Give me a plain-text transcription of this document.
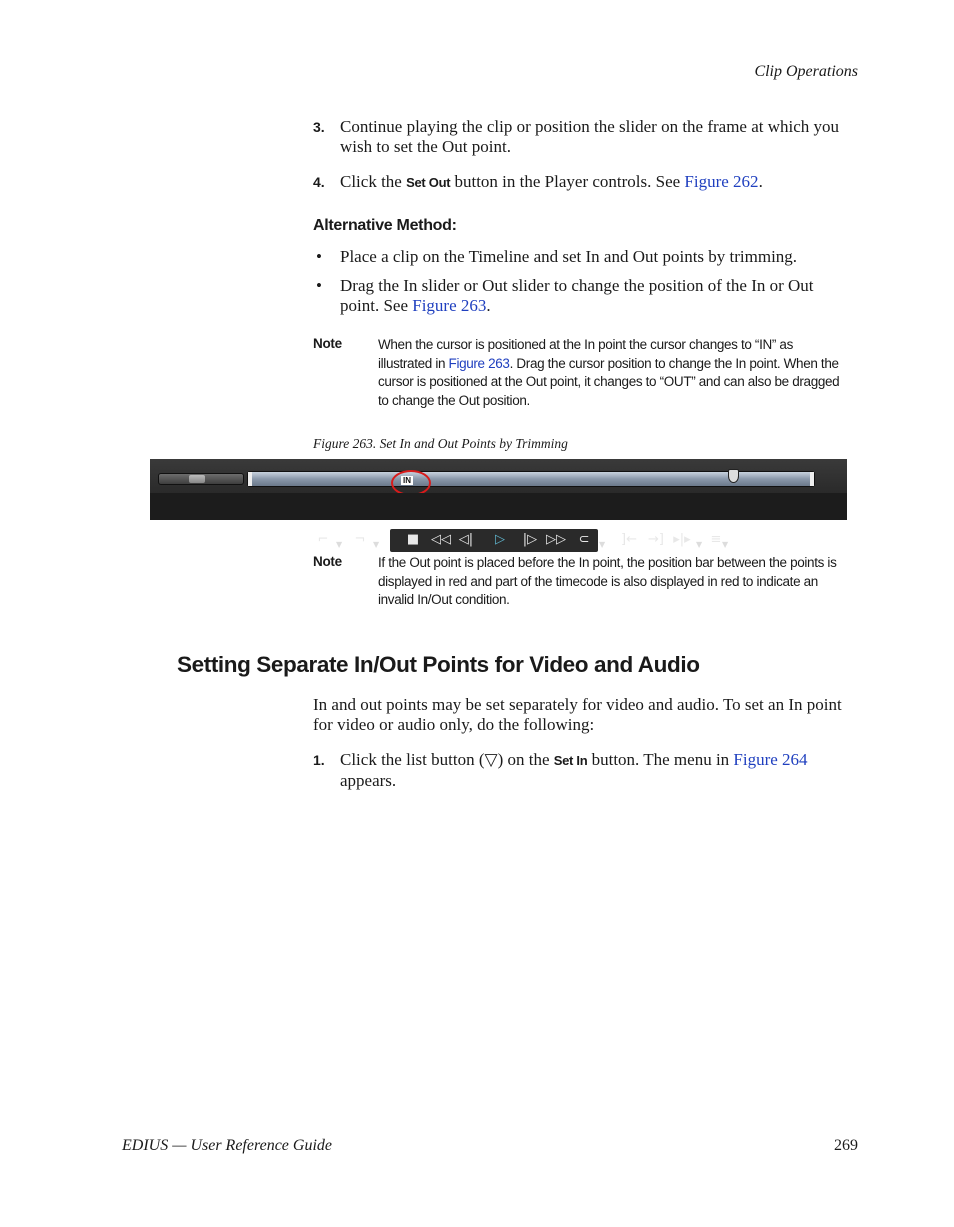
Clip Operations
3. Continue playing the clip or position the slider on the frame at which you wish to set the Out point.
4. Click the Set Out button in the Player controls. See Figure 262.
Alternative Method:
• Place a clip on the Timeline and set In and Out points by trimming.
• Drag the In slider or Out slider to change the position of the In or Out point. See Figure 263.
Note	When the cursor is positioned at the In point the cursor changes to “IN” as illustrated in Figure 263. Drag the cursor position to change the In point. When the cursor is positioned at the Out point, it changes to “OUT” and can also be dragged to change the Out position.
Figure 263. Set In and Out Points by Trimming
IN
⌐ ▼ ¬ ▼ ■ ◁◁ ◁|	▷	|▷ ▷▷ ⊂	▼ ]← →] ▸|▸ ▼ ≡ ▼
Note	If the Out point is placed before the In point, the position bar between the points is displayed in red and part of the timecode is also displayed in red to indicate an invalid In/Out condition.
Setting Separate In/Out Points for Video and Audio
In and out points may be set separately for video and audio. To set an In point for video or audio only, do the following:
1. Click the list button (▽) on the Set In button. The menu in Figure 264 appears.
EDIUS — User Reference Guide	269
